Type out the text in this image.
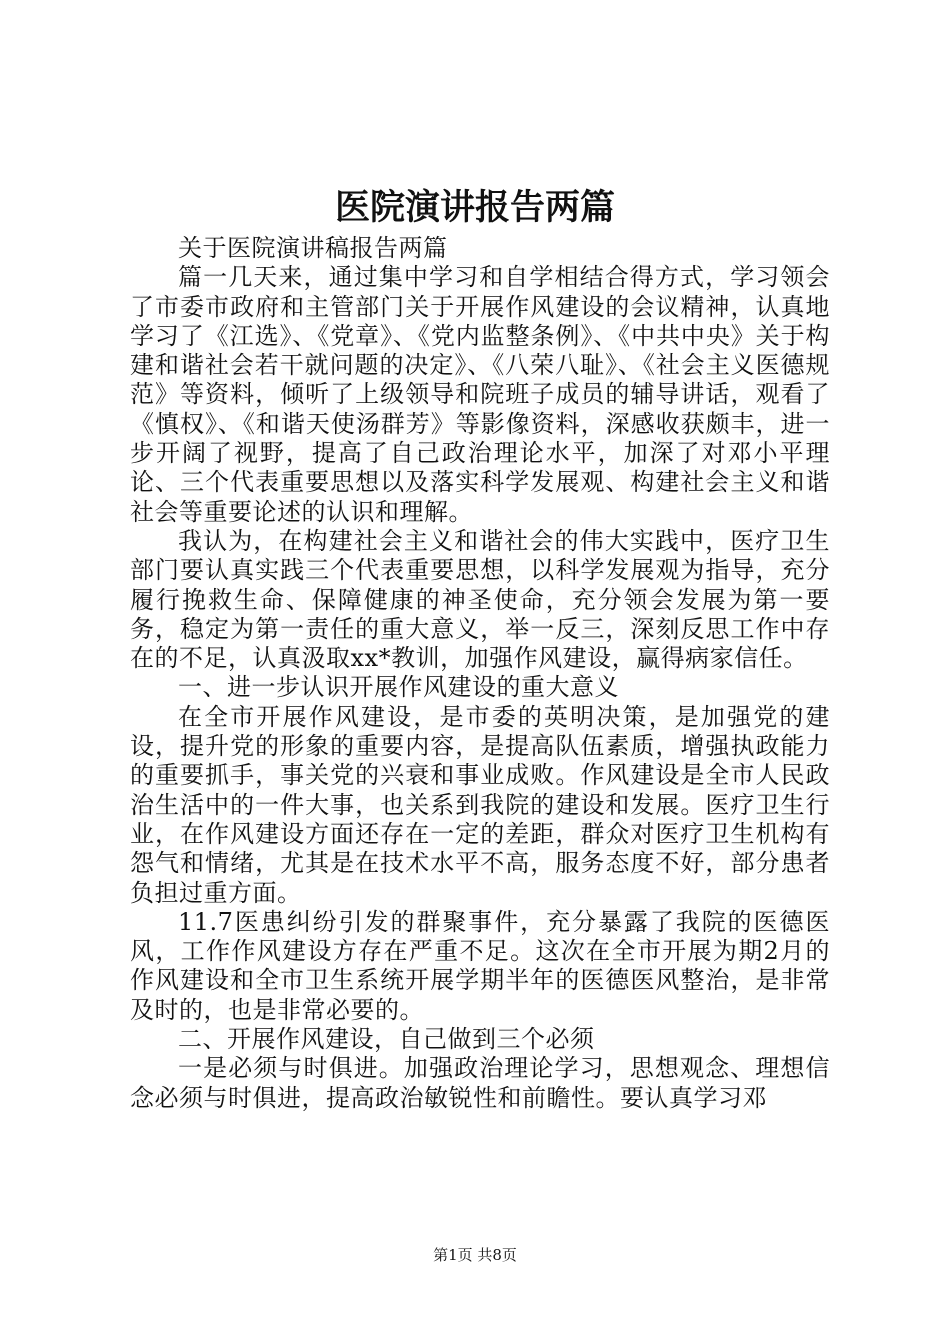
医院演讲报告两篇

关于医院演讲稿报告两篇

篇一几天来，通过集中学习和自学相结合得方式，学习领会了市委市政府和主管部门关于开展作风建设的会议精神，认真地学习了《江选》、《党章》、《党内监整条例》、《中共中央》关于构建和谐社会若干就问题的决定》、《八荣八耻》、《社会主义医德规范》等资料，倾听了上级领导和院班子成员的辅导讲话，观看了《慎权》、《和谐天使汤群芳》等影像资料，深感收获颇丰，进一步开阔了视野，提高了自己政治理论水平，加深了对邓小平理论、三个代表重要思想以及落实科学发展观、构建社会主义和谐社会等重要论述的认识和理解。

我认为，在构建社会主义和谐社会的伟大实践中，医疗卫生部门要认真实践三个代表重要思想，以科学发展观为指导，充分履行挽救生命、保障健康的神圣使命，充分领会发展为第一要务，稳定为第一责任的重大意义，举一反三，深刻反思工作中存在的不足，认真汲取xx*教训，加强作风建设，赢得病家信任。

一、进一步认识开展作风建设的重大意义

在全市开展作风建设，是市委的英明决策，是加强党的建设，提升党的形象的重要内容，是提高队伍素质，增强执政能力的重要抓手，事关党的兴衰和事业成败。作风建设是全市人民政治生活中的一件大事，也关系到我院的建设和发展。医疗卫生行业，在作风建设方面还存在一定的差距，群众对医疗卫生机构有怨气和情绪，尤其是在技术水平不高，服务态度不好，部分患者负担过重方面。

11.7医患纠纷引发的群聚事件，充分暴露了我院的医德医风，工作作风建设方存在严重不足。这次在全市开展为期2月的作风建设和全市卫生系统开展学期半年的医德医风整治，是非常及时的，也是非常必要的。

二、开展作风建设，自己做到三个必须

一是必须与时俱进。加强政治理论学习，思想观念、理想信念必须与时俱进，提高政治敏锐性和前瞻性。要认真学习邓

第1页 共8页
